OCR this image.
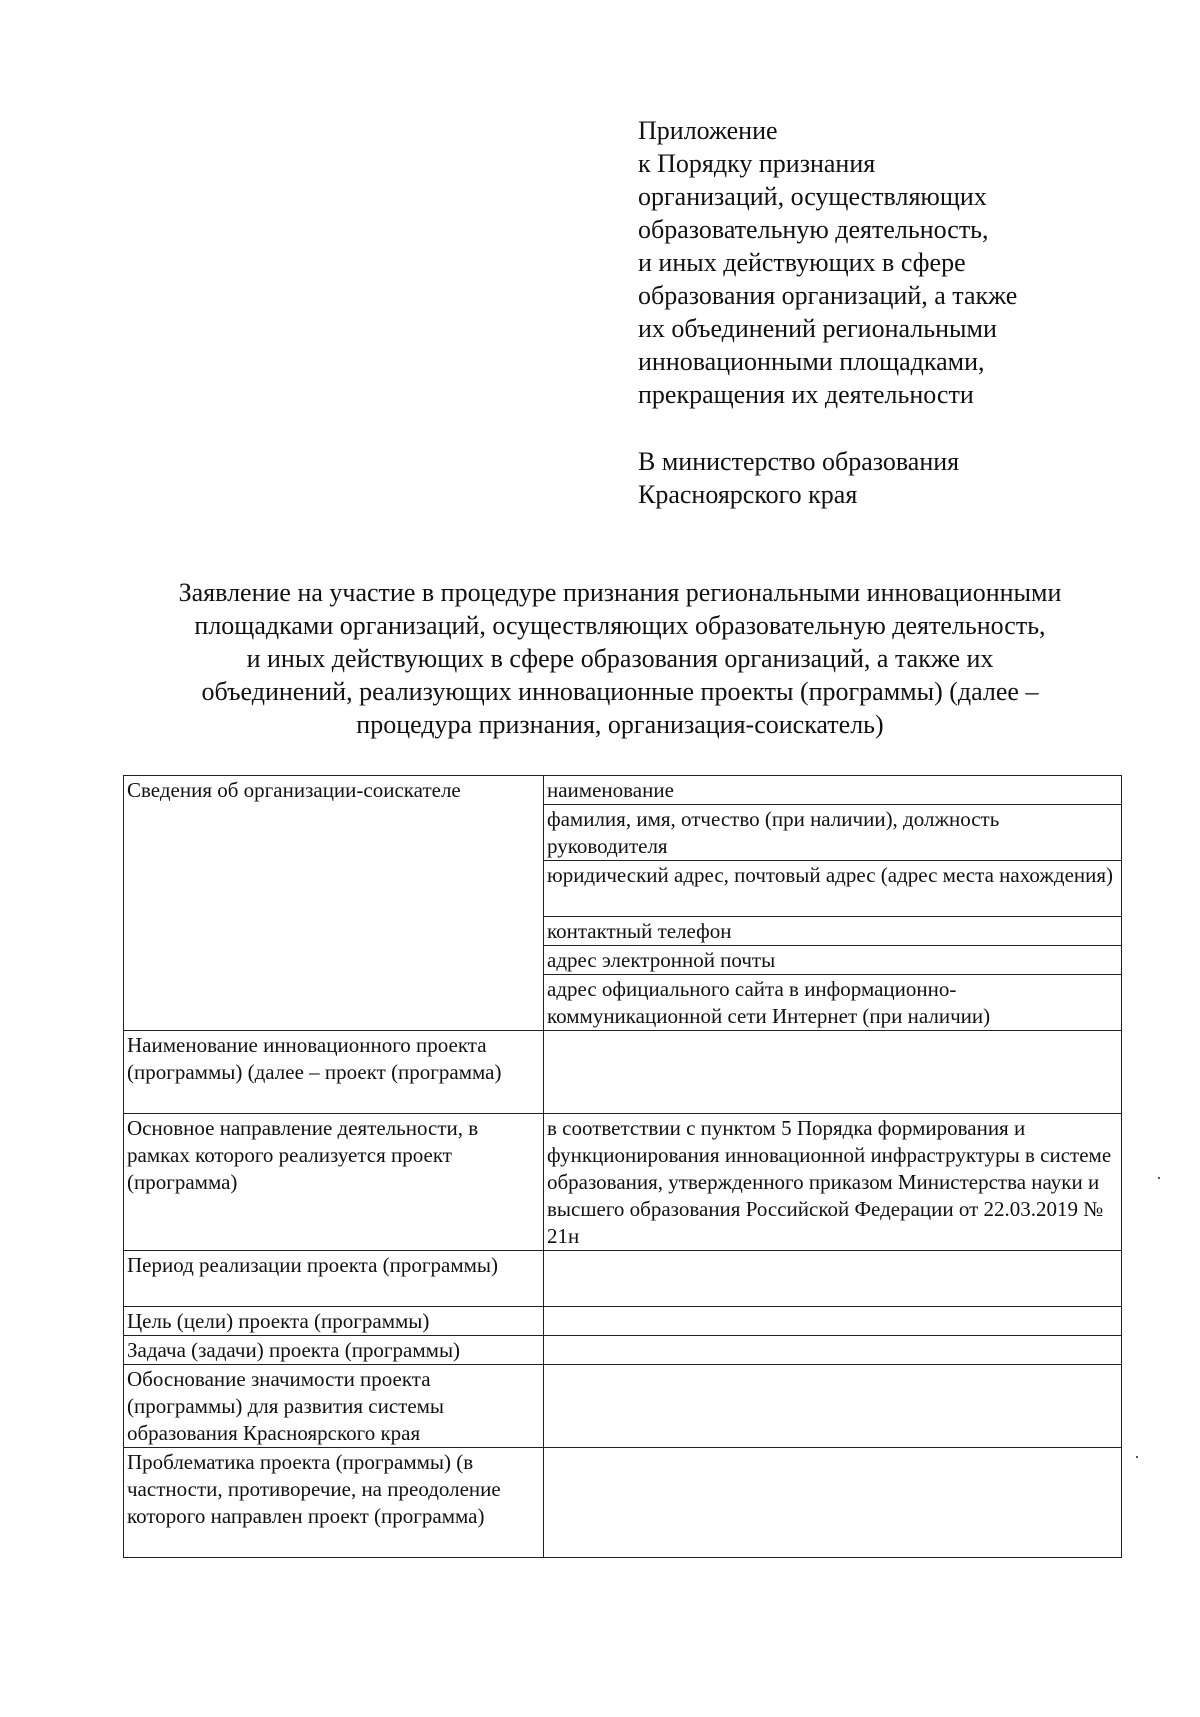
Приложение
к Порядку признания
организаций, осуществляющих
образовательную деятельность,
и иных действующих в сфере
образования организаций, а также
их объединений региональными
инновационными площадками,
прекращения их деятельности
В министерство образования
Красноярского края
Заявление на участие в процедуре признания региональными инновационными
площадками организаций, осуществляющих образовательную деятельность,
и иных действующих в сфере образования организаций, а также их
объединений, реализующих инновационные проекты (программы) (далее –
процедура признания, организация-соискатель)
Сведения об организации-соискателе	наименование
	фамилия, имя, отчество (при наличии), должность руководителя
	юридический адрес, почтовый адрес (адрес места нахождения)
	контактный телефон
	адрес электронной почты
	адрес официального сайта в информационно-коммуникационной сети Интернет (при наличии)
Наименование инновационного проекта (программы) (далее – проект (программа)	
Основное направление деятельности, в рамках которого реализуется проект (программа)	в соответствии с пунктом 5 Порядка формирования и функционирования инновационной инфраструктуры в системе образования, утвержденного приказом Министерства науки и высшего образования Российской Федерации от 22.03.2019 № 21н
Период реализации проекта (программы)	
Цель (цели) проекта (программы)	
Задача (задачи) проекта (программы)	
Обоснование значимости проекта (программы) для развития системы образования Красноярского края	
Проблематика проекта (программы) (в частности, противоречие, на преодоление которого направлен проект (программа)	
